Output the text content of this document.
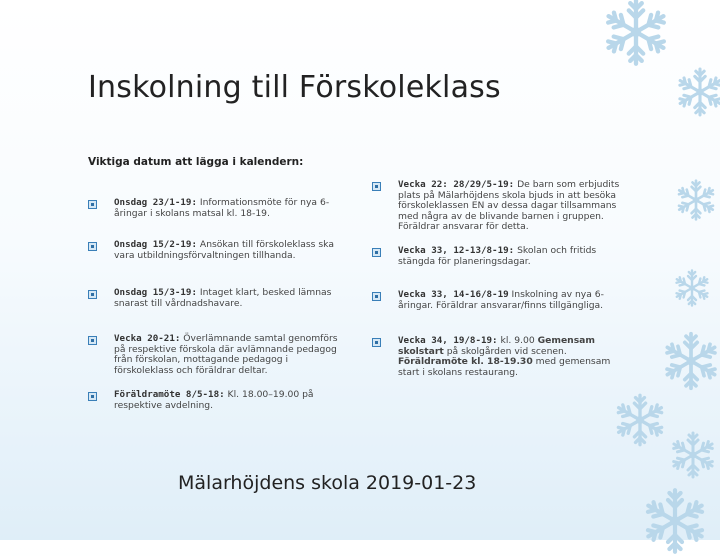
Inskolning till Förskoleklass
Viktiga datum att lägga i kalendern:
Onsdag 23/1-19: Informationsmöte för nya 6-åringar i skolans matsal kl. 18-19.
Onsdag 15/2-19: Ansökan till förskoleklass ska vara utbildningsförvaltningen tillhanda.
Onsdag 15/3-19: Intaget klart, besked lämnas snarast till vårdnadshavare.
Vecka 20-21: Överlämnande samtal genomförs på respektive förskola där avlämnande pedagog från förskolan, mottagande pedagog i förskoleklass och föräldrar deltar.
Föräldramöte 8/5-18: Kl. 18.00–19.00 på respektive avdelning.
Vecka 22: 28/29/5-19: De barn som erbjudits plats på Mälarhöjdens skola bjuds in att besöka förskoleklassen EN av dessa dagar tillsammans med några av de blivande barnen i gruppen. Föräldrar ansvarar för detta.
Vecka 33, 12-13/8-19: Skolan och fritids stängda för planeringsdagar.
Vecka 33, 14-16/8-19 Inskolning av nya 6-åringar. Föräldrar ansvarar/finns tillgängliga.
Vecka 34, 19/8-19: kl. 9.00 Gemensam skolstart på skolgården vid scenen. Föräldramöte kl. 18-19.30 med gemensam start i skolans restaurang.
Mälarhöjdens skola 2019-01-23
